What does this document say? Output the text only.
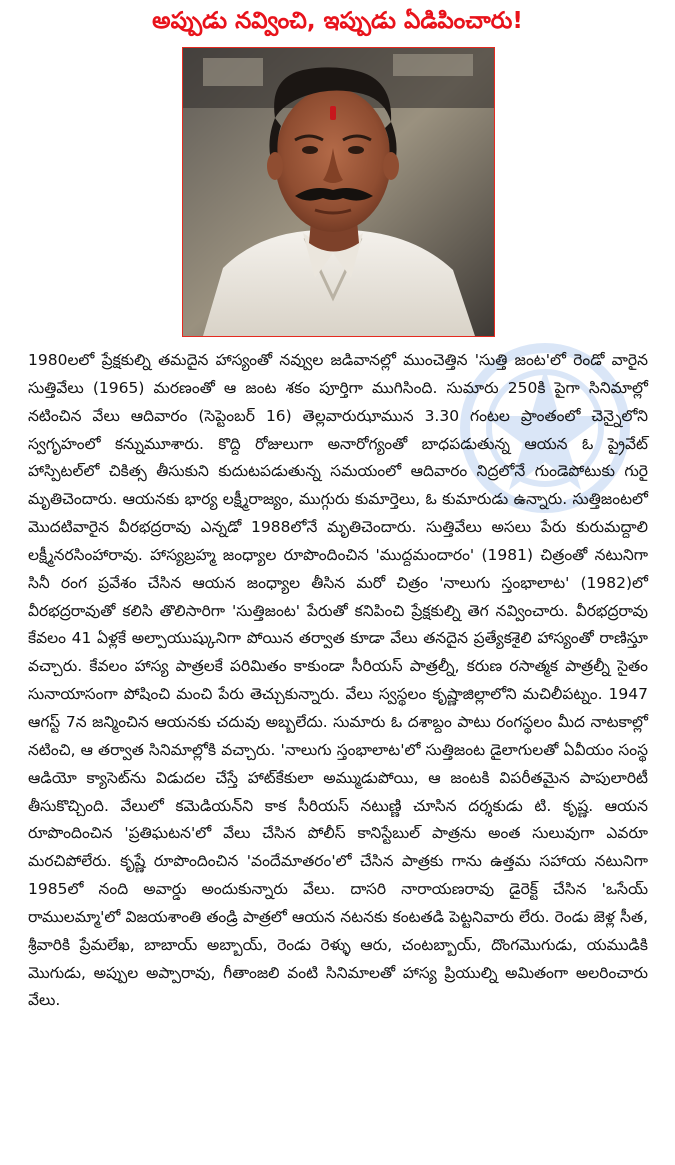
అప్పుడు నవ్వించి, ఇప్పుడు ఏడిపించారు!

1980లలో ప్రేక్షకుల్ని తమదైన హాస్యంతో నవ్వుల జడివానల్లో ముంచెత్తిన 'సుత్తి జంట'లో రెండో వారైన సుత్తివేలు (1965) మరణంతో ఆ జంట శకం పూర్తిగా ముగిసింది. సుమారు 250కి పైగా సినిమాల్లో నటించిన వేలు ఆదివారం (సెప్టెంబర్ 16) తెల్లవారుఝామున 3.30 గంటల ప్రాంతంలో చెన్నైలోని స్వగృహంలో కన్నుమూశారు. కొద్ది రోజులుగా అనారోగ్యంతో బాధపడుతున్న ఆయన ఓ ప్రైవేట్ హాస్పిటల్‌లో చికిత్స తీసుకుని కుదుటపడుతున్న సమయంలో ఆదివారం నిద్రలోనే గుండెపోటుకు గురై మృతిచెందారు. ఆయనకు భార్య లక్ష్మీరాజ్యం, ముగ్గురు కుమార్తెలు, ఓ కుమారుడు ఉన్నారు. సుత్తిజంటలో మొదటివారైన వీరభద్రరావు ఎన్నడో 1988లోనే మృతిచెందారు. సుత్తివేలు అసలు పేరు కురుమద్దాలి లక్ష్మీనరసింహారావు. హాస్యబ్రహ్మ జంధ్యాల రూపొందించిన 'ముద్దమందారం' (1981) చిత్రంతో నటునిగా సినీ రంగ ప్రవేశం చేసిన ఆయన జంధ్యాల తీసిన మరో చిత్రం 'నాలుగు స్తంభాలాట' (1982)లో వీరభద్రరావుతో కలిసి తొలిసారిగా 'సుత్తిజంట' పేరుతో కనిపించి ప్రేక్షకుల్ని తెగ నవ్వించారు. వీరభద్రరావు కేవలం 41 ఏళ్లకే అల్పాయుష్కునిగా పోయిన తర్వాత కూడా వేలు తనదైన ప్రత్యేకశైలి హాస్యంతో రాణిస్తూ వచ్చారు. కేవలం హాస్య పాత్రలకే పరిమితం కాకుండా సీరియస్ పాత్రల్నీ, కరుణ రసాత్మక పాత్రల్నీ సైతం సునాయాసంగా పోషించి మంచి పేరు తెచ్చుకున్నారు. వేలు స్వస్థలం కృష్ణాజిల్లాలోని మచిలీపట్నం. 1947 ఆగస్ట్ 7న జన్మించిన ఆయనకు చదువు అబ్బలేదు. సుమారు ఓ దశాబ్దం పాటు రంగస్థలం మీద నాటకాల్లో నటించి, ఆ తర్వాత సినిమాల్లోకి వచ్చారు. 'నాలుగు స్తంభాలాట'లో సుత్తిజంట డైలాగులతో ఏవీయం సంస్థ ఆడియో క్యాసెట్‌ను విడుదల చేస్తే హాట్‌కేకులా అమ్ముడుపోయి, ఆ జంటకి విపరీతమైన పాపులారిటీ తీసుకొచ్చింది. వేలులో కమెడియన్‌ని కాక సీరియస్ నటుణ్ణి చూసిన దర్శకుడు టి. కృష్ణ. ఆయన రూపొందించిన 'ప్రతిఘటన'లో వేలు చేసిన పోలీస్ కానిస్టేబుల్ పాత్రను అంత సులువుగా ఎవరూ మరచిపోలేరు. కృష్ణే రూపొందించిన 'వందేమాతరం'లో చేసిన పాత్రకు గాను ఉత్తమ సహాయ నటునిగా 1985లో నంది అవార్డు అందుకున్నారు వేలు. దాసరి నారాయణరావు డైరెక్ట్ చేసిన 'ఒసేయ్ రాములమ్మా'లో విజయశాంతి తండ్రి పాత్రలో ఆయన నటనకు కంటతడి పెట్టనివారు లేరు. రెండు జెళ్ల సీత, శ్రీవారికి ప్రేమలేఖ, బాబాయ్ అబ్బాయ్, రెండు రెళ్ళు ఆరు, చంటబ్బాయ్, దొంగమొగుడు, యముడికి మొగుడు, అప్పుల అప్పారావు, గీతాంజలి వంటి సినిమాలతో హాస్య ప్రియుల్ని అమితంగా అలరించారు వేలు.
